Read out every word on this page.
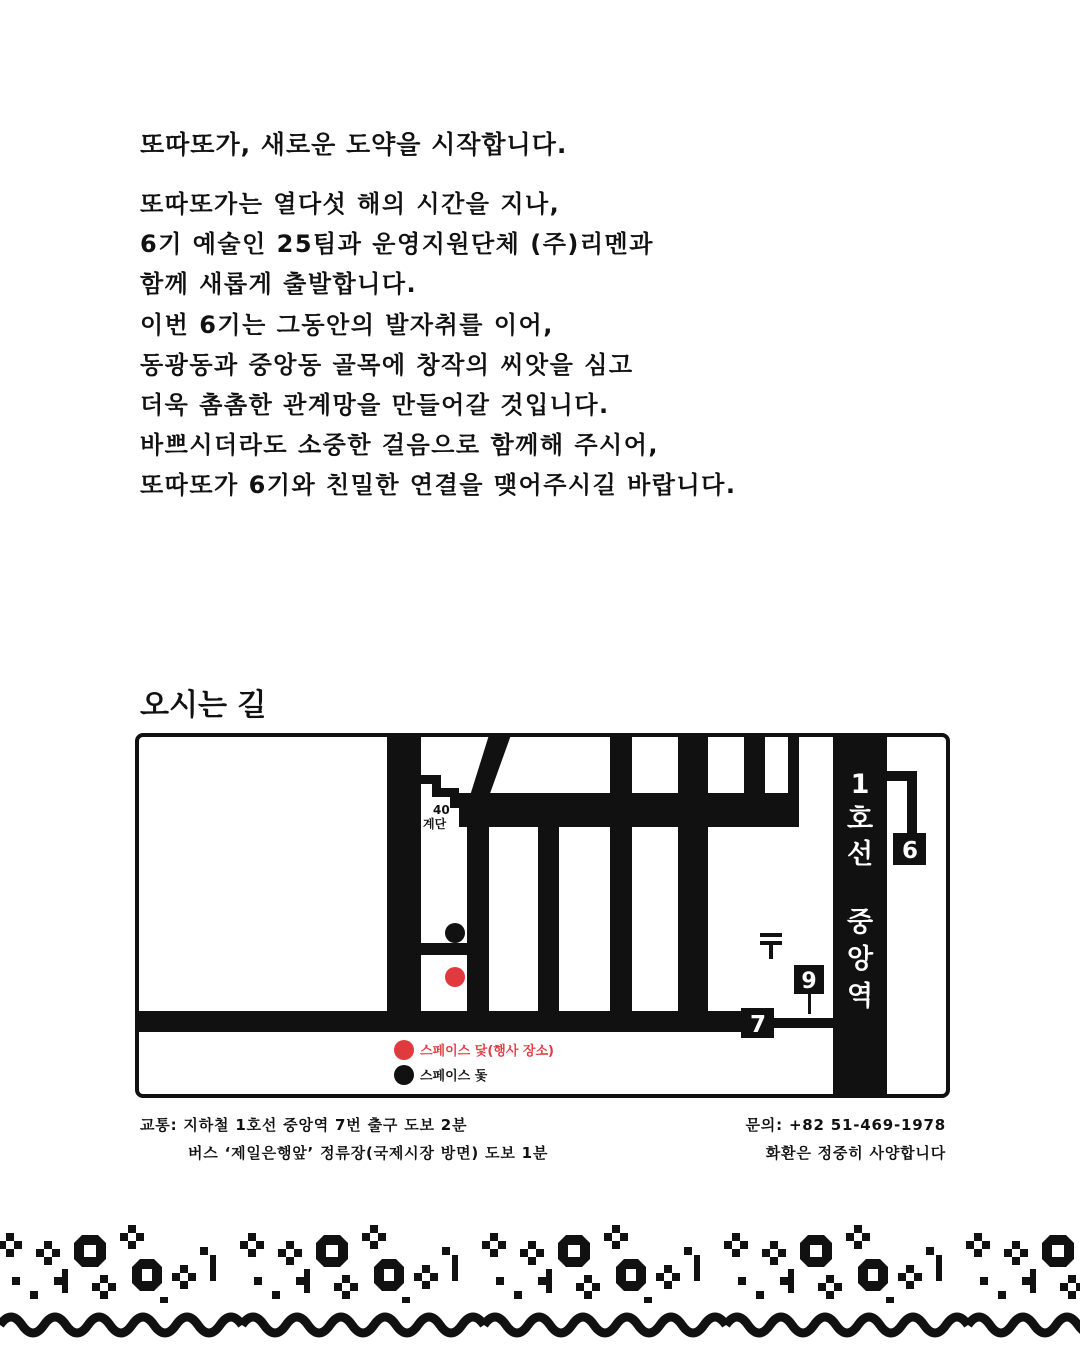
또따또가, 새로운 도약을 시작합니다.
또따또가는 열다섯 해의 시간을 지나,
6기 예술인 25팀과 운영지원단체 (주)리멘과
함께 새롭게 출발합니다.
이번 6기는 그동안의 발자취를 이어,
동광동과 중앙동 골목에 창작의 씨앗을 심고
더욱 촘촘한 관계망을 만들어갈 것입니다.
바쁘시더라도 소중한 걸음으로 함께해 주시어,
또따또가 6기와 친밀한 연결을 맺어주시길 바랍니다.
오시는 길
40
계단
1
호
선
중
앙
역
6
7
9
스페이스 닻(행사 장소)
스페이스 돛
교통: 지하철 1호선 중앙역 7번 출구 도보 2분
버스 ‘제일은행앞’ 정류장(국제시장 방면) 도보 1분
문의: +82 51-469-1978
화환은 정중히 사양합니다
